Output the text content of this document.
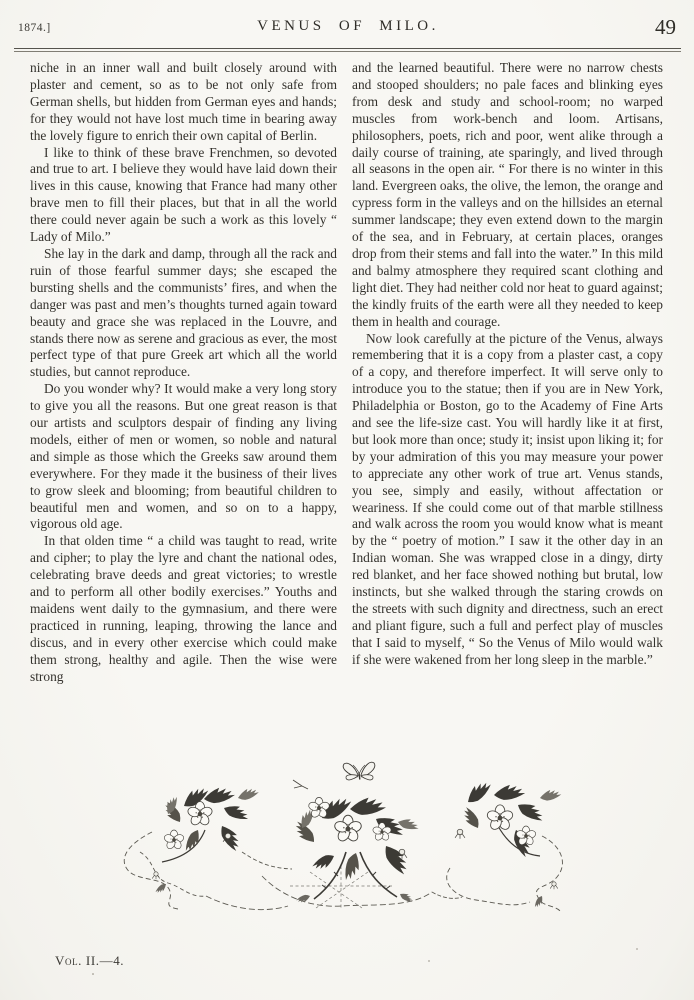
1874.]	VENUS OF MILO.	49

niche in an inner wall and built closely around with plaster and cement, so as to be not only safe from German shells, but hidden from German eyes and hands; for they would not have lost much time in bearing away the lovely figure to enrich their own capital of Berlin.

I like to think of these brave Frenchmen, so devoted and true to art. I believe they would have laid down their lives in this cause, knowing that France had many other brave men to fill their places, but that in all the world there could never again be such a work as this lovely “ Lady of Milo.”

She lay in the dark and damp, through all the rack and ruin of those fearful summer days; she escaped the bursting shells and the communists’ fires, and when the danger was past and men’s thoughts turned again toward beauty and grace she was replaced in the Louvre, and stands there now as serene and gracious as ever, the most perfect type of that pure Greek art which all the world studies, but cannot reproduce.

Do you wonder why? It would make a very long story to give you all the reasons. But one great reason is that our artists and sculptors despair of finding any living models, either of men or women, so noble and natural and simple as those which the Greeks saw around them everywhere. For they made it the business of their lives to grow sleek and blooming; from beautiful children to beautiful men and women, and so on to a happy, vigorous old age.

In that olden time “ a child was taught to read, write and cipher; to play the lyre and chant the national odes, celebrating brave deeds and great victories; to wrestle and to perform all other bodily exercises.” Youths and maidens went daily to the gymnasium, and there were practiced in running, leaping, throwing the lance and discus, and in every other exercise which could make them strong, healthy and agile. Then the wise were strong

and the learned beautiful. There were no narrow chests and stooped shoulders; no pale faces and blinking eyes from desk and study and school-room; no warped muscles from work-bench and loom. Artisans, philosophers, poets, rich and poor, went alike through a daily course of training, ate sparingly, and lived through all seasons in the open air. “ For there is no winter in this land. Evergreen oaks, the olive, the lemon, the orange and cypress form in the valleys and on the hillsides an eternal summer landscape; they even extend down to the margin of the sea, and in February, at certain places, oranges drop from their stems and fall into the water.” In this mild and balmy atmosphere they required scant clothing and light diet. They had neither cold nor heat to guard against; the kindly fruits of the earth were all they needed to keep them in health and courage.

Now look carefully at the picture of the Venus, always remembering that it is a copy from a plaster cast, a copy of a copy, and therefore imperfect. It will serve only to introduce you to the statue; then if you are in New York, Philadelphia or Boston, go to the Academy of Fine Arts and see the life-size cast. You will hardly like it at first, but look more than once; study it; insist upon liking it; for by your admiration of this you may measure your power to appreciate any other work of true art. Venus stands, you see, simply and easily, without affectation or weariness. If she could come out of that marble stillness and walk across the room you would know what is meant by the “ poetry of motion.” I saw it the other day in an Indian woman. She was wrapped close in a dingy, dirty red blanket, and her face showed nothing but brutal, low instincts, but she walked through the staring crowds on the streets with such dignity and directness, such an erect and pliant figure, such a full and perfect play of muscles that I said to myself, “ So the Venus of Milo would walk if she were wakened from her long sleep in the marble.”

Vol. II.—4.
